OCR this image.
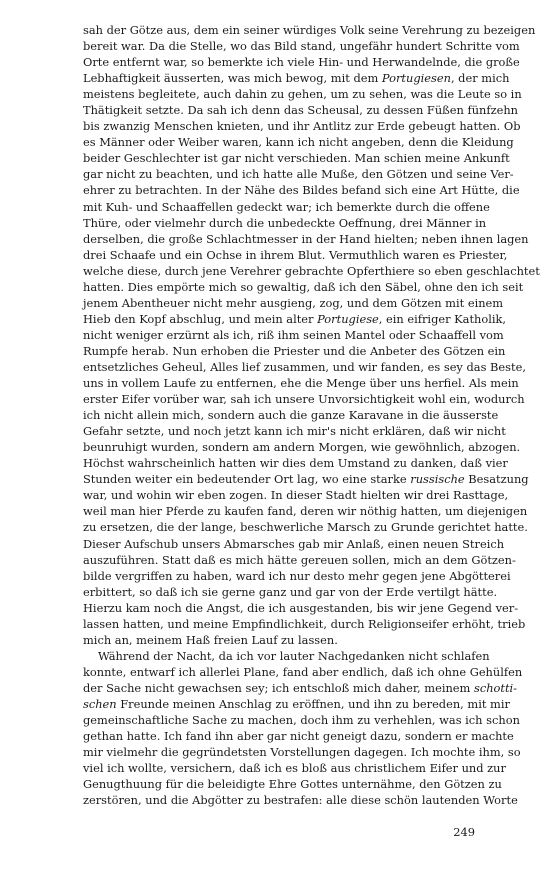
sah der Götze aus, dem ein seiner würdiges Volk seine Verehrung zu bezeigen
bereit war. Da die Stelle, wo das Bild stand, ungefähr hundert Schritte vom
Orte entfernt war, so bemerkte ich viele Hin- und Herwandelnde, die große
Lebhaftigkeit äusserten, was mich bewog, mit dem Portugiesen, der mich
meistens begleitete, auch dahin zu gehen, um zu sehen, was die Leute so in
Thätigkeit setzte. Da sah ich denn das Scheusal, zu dessen Füßen fünfzehn
bis zwanzig Menschen knieten, und ihr Antlitz zur Erde gebeugt hatten. Ob
es Männer oder Weiber waren, kann ich nicht angeben, denn die Kleidung
beider Geschlechter ist gar nicht verschieden. Man schien meine Ankunft
gar nicht zu beachten, und ich hatte alle Muße, den Götzen und seine Ver-
ehrer zu betrachten. In der Nähe des Bildes befand sich eine Art Hütte, die
mit Kuh- und Schaaffellen gedeckt war; ich bemerkte durch die offene
Thüre, oder vielmehr durch die unbedeckte Oeffnung, drei Männer in
derselben, die große Schlachtmesser in der Hand hielten; neben ihnen lagen
drei Schaafe und ein Ochse in ihrem Blut. Vermuthlich waren es Priester,
welche diese, durch jene Verehrer gebrachte Opferthiere so eben geschlachtet
hatten. Dies empörte mich so gewaltig, daß ich den Säbel, ohne den ich seit
jenem Abentheuer nicht mehr ausgieng, zog, und dem Götzen mit einem
Hieb den Kopf abschlug, und mein alter Portugiese, ein eifriger Katholik,
nicht weniger erzürnt als ich, riß ihm seinen Mantel oder Schaaffell vom
Rumpfe herab. Nun erhoben die Priester und die Anbeter des Götzen ein
entsetzliches Geheul, Alles lief zusammen, und wir fanden, es sey das Beste,
uns in vollem Laufe zu entfernen, ehe die Menge über uns herfiel. Als mein
erster Eifer vorüber war, sah ich unsere Unvorsichtigkeit wohl ein, wodurch
ich nicht allein mich, sondern auch die ganze Karavane in die äusserste
Gefahr setzte, und noch jetzt kann ich mir's nicht erklären, daß wir nicht
beunruhigt wurden, sondern am andern Morgen, wie gewöhnlich, abzogen.
Höchst wahrscheinlich hatten wir dies dem Umstand zu danken, daß vier
Stunden weiter ein bedeutender Ort lag, wo eine starke russische Besatzung
war, und wohin wir eben zogen. In dieser Stadt hielten wir drei Rasttage,
weil man hier Pferde zu kaufen fand, deren wir nöthig hatten, um diejenigen
zu ersetzen, die der lange, beschwerliche Marsch zu Grunde gerichtet hatte.
Dieser Aufschub unsers Abmarsches gab mir Anlaß, einen neuen Streich
auszuführen. Statt daß es mich hätte gereuen sollen, mich an dem Götzen-
bilde vergriffen zu haben, ward ich nur desto mehr gegen jene Abgötterei
erbittert, so daß ich sie gerne ganz und gar von der Erde vertilgt hätte.
Hierzu kam noch die Angst, die ich ausgestanden, bis wir jene Gegend ver-
lassen hatten, und meine Empfindlichkeit, durch Religionseifer erhöht, trieb
mich an, meinem Haß freien Lauf zu lassen.
Während der Nacht, da ich vor lauter Nachgedanken nicht schlafen
konnte, entwarf ich allerlei Plane, fand aber endlich, daß ich ohne Gehülfen
der Sache nicht gewachsen sey; ich entschloß mich daher, meinem schotti-
schen Freunde meinen Anschlag zu eröffnen, und ihn zu bereden, mit mir
gemeinschaftliche Sache zu machen, doch ihm zu verhehlen, was ich schon
gethan hatte. Ich fand ihn aber gar nicht geneigt dazu, sondern er machte
mir vielmehr die gegründetsten Vorstellungen dagegen. Ich mochte ihm, so
viel ich wollte, versichern, daß ich es bloß aus christlichem Eifer und zur
Genugthuung für die beleidigte Ehre Gottes unternähme, den Götzen zu
zerstören, und die Abgötter zu bestrafen: alle diese schön lautenden Worte
249
